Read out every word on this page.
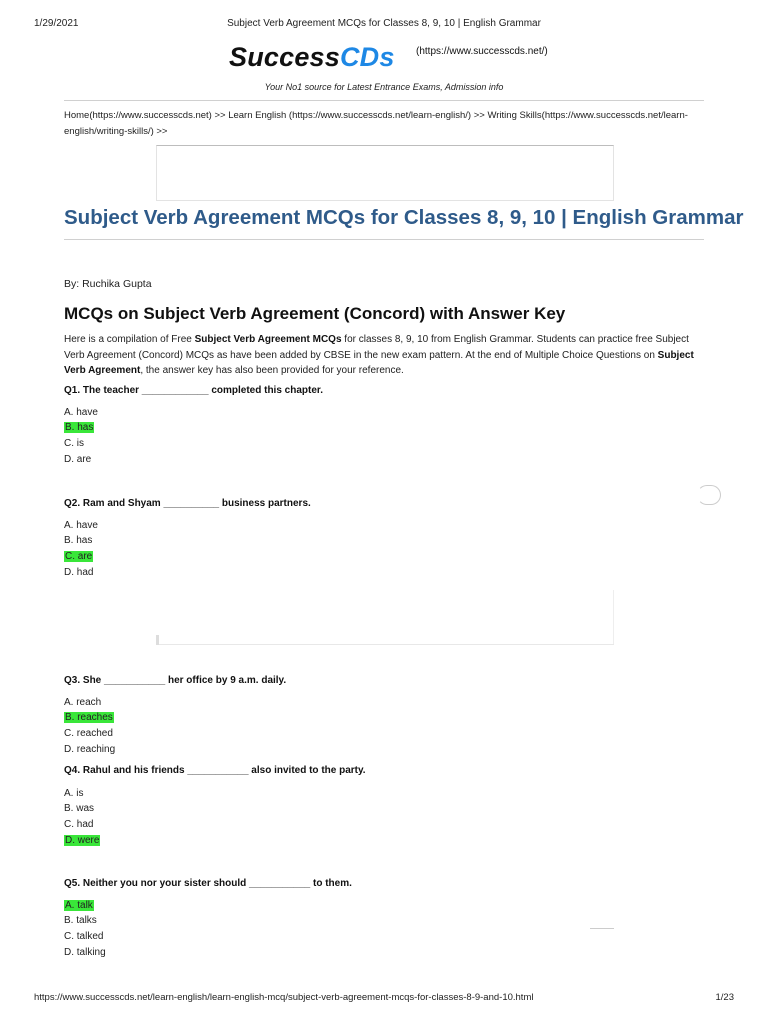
1/29/2021	Subject Verb Agreement MCQs for Classes 8, 9, 10 | English Grammar
SuccessCDs (https://www.successcds.net/)
Your No1 source for Latest Entrance Exams, Admission info
Home(https://www.successcds.net) >> Learn English (https://www.successcds.net/learn-english/) >> Writing Skills(https://www.successcds.net/learn-english/writing-skills/) >>
Subject Verb Agreement MCQs for Classes 8, 9, 10 | English Grammar
By: Ruchika Gupta
MCQs on Subject Verb Agreement (Concord) with Answer Key

Here is a compilation of Free Subject Verb Agreement MCQs for classes 8, 9, 10 from English Grammar. Students can practice free Subject Verb Agreement (Concord) MCQs as have been added by CBSE in the new exam pattern. At the end of Multiple Choice Questions on Subject Verb Agreement, the answer key has also been provided for your reference.

Q1. The teacher ____________ completed this chapter.
A. have
B. has
C. is
D. are
Q2. Ram and Shyam __________ business partners.
A. have
B. has
C. are
D. had
Q3. She ___________ her office by 9 a.m. daily.
A. reach
B. reaches
C. reached
D. reaching
Q4. Rahul and his friends ___________ also invited to the party.
A. is
B. was
C. had
D. were
Q5. Neither you nor your sister should ___________ to them.
A. talk
B. talks
C. talked
D. talking
https://www.successcds.net/learn-english/learn-english-mcq/subject-verb-agreement-mcqs-for-classes-8-9-and-10.html	1/23
